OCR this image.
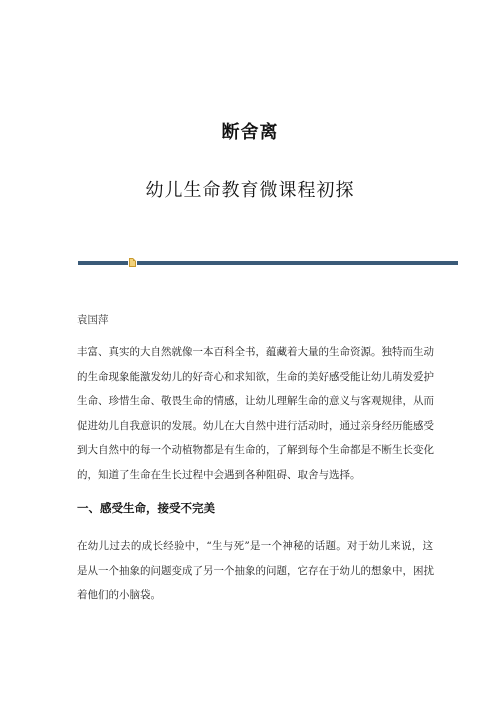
断舍离
幼儿生命教育微课程初探
袁国萍
丰富、真实的大自然就像一本百科全书，蕴藏着大量的生命资源。独特而生动
的生命现象能激发幼儿的好奇心和求知欲，生命的美好感受能让幼儿萌发爱护
生命、珍惜生命、敬畏生命的情感，让幼儿理解生命的意义与客观规律，从而
促进幼儿自我意识的发展。幼儿在大自然中进行活动时，通过亲身经历能感受
到大自然中的每一个动植物都是有生命的，了解到每个生命都是不断生长变化
的，知道了生命在生长过程中会遇到各种阻碍、取舍与选择。
一、感受生命，接受不完美
在幼儿过去的成长经验中，“生与死”是一个神秘的话题。对于幼儿来说，这
是从一个抽象的问题变成了另一个抽象的问题，它存在于幼儿的想象中，困扰
着他们的小脑袋。
